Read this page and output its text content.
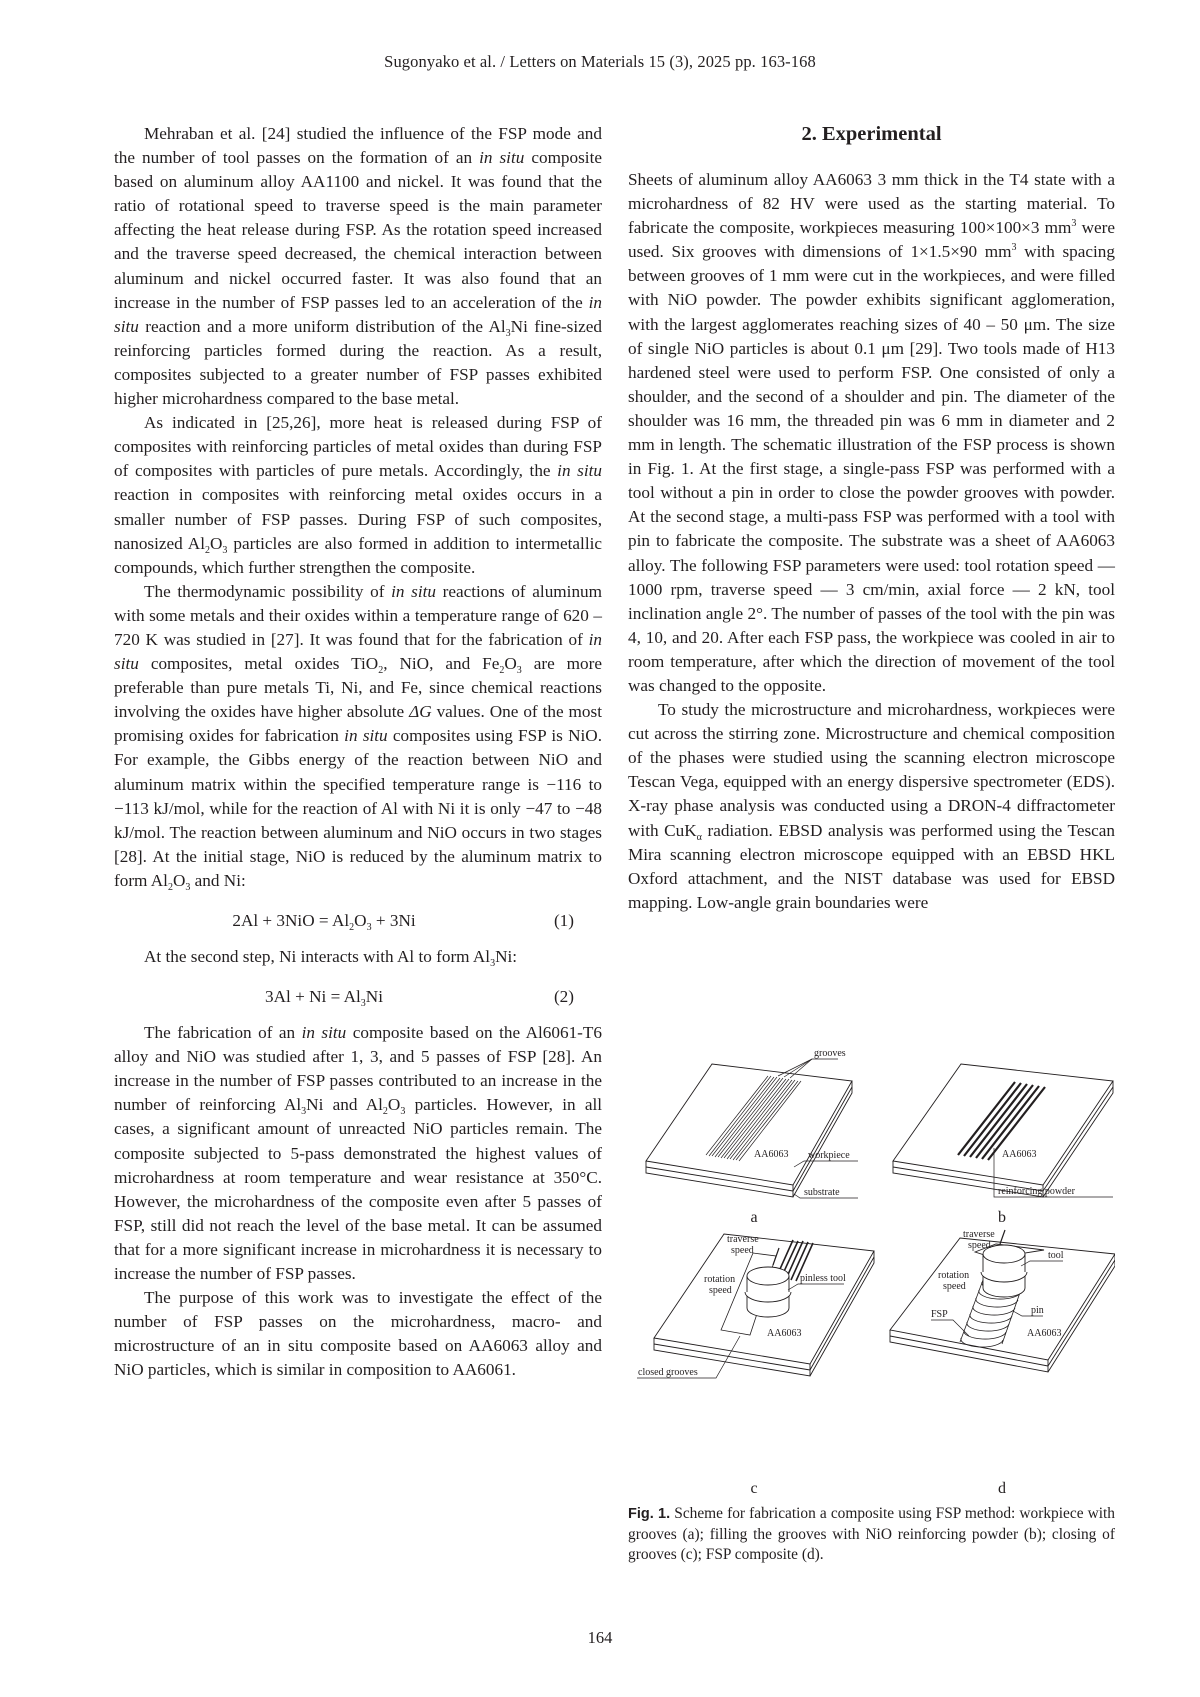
Sugonyako et al. / Letters on Materials 15 (3), 2025 pp. 163-168

Mehraban et al. [24] studied the influence of the FSP mode and the number of tool passes on the formation of an in situ composite based on aluminum alloy AA1100 and nickel. It was found that the ratio of rotational speed to traverse speed is the main parameter affecting the heat release during FSP. As the rotation speed increased and the traverse speed decreased, the chemical interaction between aluminum and nickel occurred faster. It was also found that an increase in the number of FSP passes led to an acceleration of the in situ reaction and a more uniform distribution of the $Al_3Ni$ fine-sized reinforcing particles formed during the reaction. As a result, composites subjected to a greater number of FSP passes exhibited higher microhardness compared to the base metal.

As indicated in [25,26], more heat is released during FSP of composites with reinforcing particles of metal oxides than during FSP of composites with particles of pure metals. Accordingly, the in situ reaction in composites with reinforcing metal oxides occurs in a smaller number of FSP passes. During FSP of such composites, nanosized $Al_2O_3$ particles are also formed in addition to intermetallic compounds, which further strengthen the composite.

The thermodynamic possibility of in situ reactions of aluminum with some metals and their oxides within a temperature range of 620 – 720 K was studied in [27]. It was found that for the fabrication of in situ composites, metal oxides TiO$_2$, NiO, and $Fe_2O_3$ are more preferable than pure metals Ti, Ni, and Fe, since chemical reactions involving the oxides have higher absolute ΔG values. One of the most promising oxides for fabrication in situ composites using FSP is NiO. For example, the Gibbs energy of the reaction between NiO and aluminum matrix within the specified temperature range is −116 to −113 kJ/mol, while for the reaction of Al with Ni it is only −47 to −48 kJ/mol. The reaction between aluminum and NiO occurs in two stages [28]. At the initial stage, NiO is reduced by the aluminum matrix to form $Al_2O_3$ and Ni:

$2Al + 3NiO = Al_2O_3 + 3Ni$	(1)

At the second step, Ni interacts with Al to form $Al_3Ni$:

$3Al + Ni = Al_3Ni$	(2)

The fabrication of an in situ composite based on the Al6061-T6 alloy and NiO was studied after 1, 3, and 5 passes of FSP [28]. An increase in the number of FSP passes contributed to an increase in the number of reinforcing $Al_3Ni$ and $Al_2O_3$ particles. However, in all cases, a significant amount of unreacted NiO particles remain. The composite subjected to 5-pass demonstrated the highest values of microhardness at room temperature and wear resistance at 350°C. However, the microhardness of the composite even after 5 passes of FSP, still did not reach the level of the base metal. It can be assumed that for a more significant increase in microhardness it is necessary to increase the number of FSP passes.

The purpose of this work was to investigate the effect of the number of FSP passes on the microhardness, macro- and microstructure of an in situ composite based on AA6063 alloy and NiO particles, which is similar in composition to AA6061.

2. Experimental

Sheets of aluminum alloy AA6063 3 mm thick in the T4 state with a microhardness of 82 HV were used as the starting material. To fabricate the composite, workpieces measuring 100×100×3 $mm^3$ were used. Six grooves with dimensions of 1×1.5×90 $mm^3$ with spacing between grooves of 1 mm were cut in the workpieces, and were filled with NiO powder. The powder exhibits significant agglomeration, with the largest agglomerates reaching sizes of 40 – 50 μm. The size of single NiO particles is about 0.1 μm [29]. Two tools made of H13 hardened steel were used to perform FSP. One consisted of only a shoulder, and the second of a shoulder and pin. The diameter of the shoulder was 16 mm, the threaded pin was 6 mm in diameter and 2 mm in length. The schematic illustration of the FSP process is shown in Fig. 1. At the first stage, a single-pass FSP was performed with a tool without a pin in order to close the powder grooves with powder. At the second stage, a multi-pass FSP was performed with a tool with pin to fabricate the composite. The substrate was a sheet of AA6063 alloy. The following FSP parameters were used: tool rotation speed — 1000 rpm, traverse speed — 3 cm/min, axial force — 2 kN, tool inclination angle 2°. The number of passes of the tool with the pin was 4, 10, and 20. After each FSP pass, the workpiece was cooled in air to room temperature, after which the direction of movement of the tool was changed to the opposite.

To study the microstructure and microhardness, workpieces were cut across the stirring zone. Microstructure and chemical composition of the phases were studied using the scanning electron microscope Tescan Vega, equipped with an energy dispersive spectrometer (EDS). X-ray phase analysis was conducted using a DRON-4 diffractometer with CuK$_\alpha$ radiation. EBSD analysis was performed using the Tescan Mira scanning electron microscope equipped with an EBSD HKL Oxford attachment, and the NIST database was used for EBSD mapping. Low-angle grain boundaries were

grooves
AA6063 workpiece
substrate
AA6063
reinforcing powder
traverse
speed
rotation
speed
pinless tool
AA6063
closed grooves
traverse
speed
rotation
speed
tool
FSP	pin
AA6063
a	b
c	d
Fig. 1. Scheme for fabrication a composite using FSP method: workpiece with grooves (a); filling the grooves with NiO reinforcing powder (b); closing of grooves (c); FSP composite (d).
164
